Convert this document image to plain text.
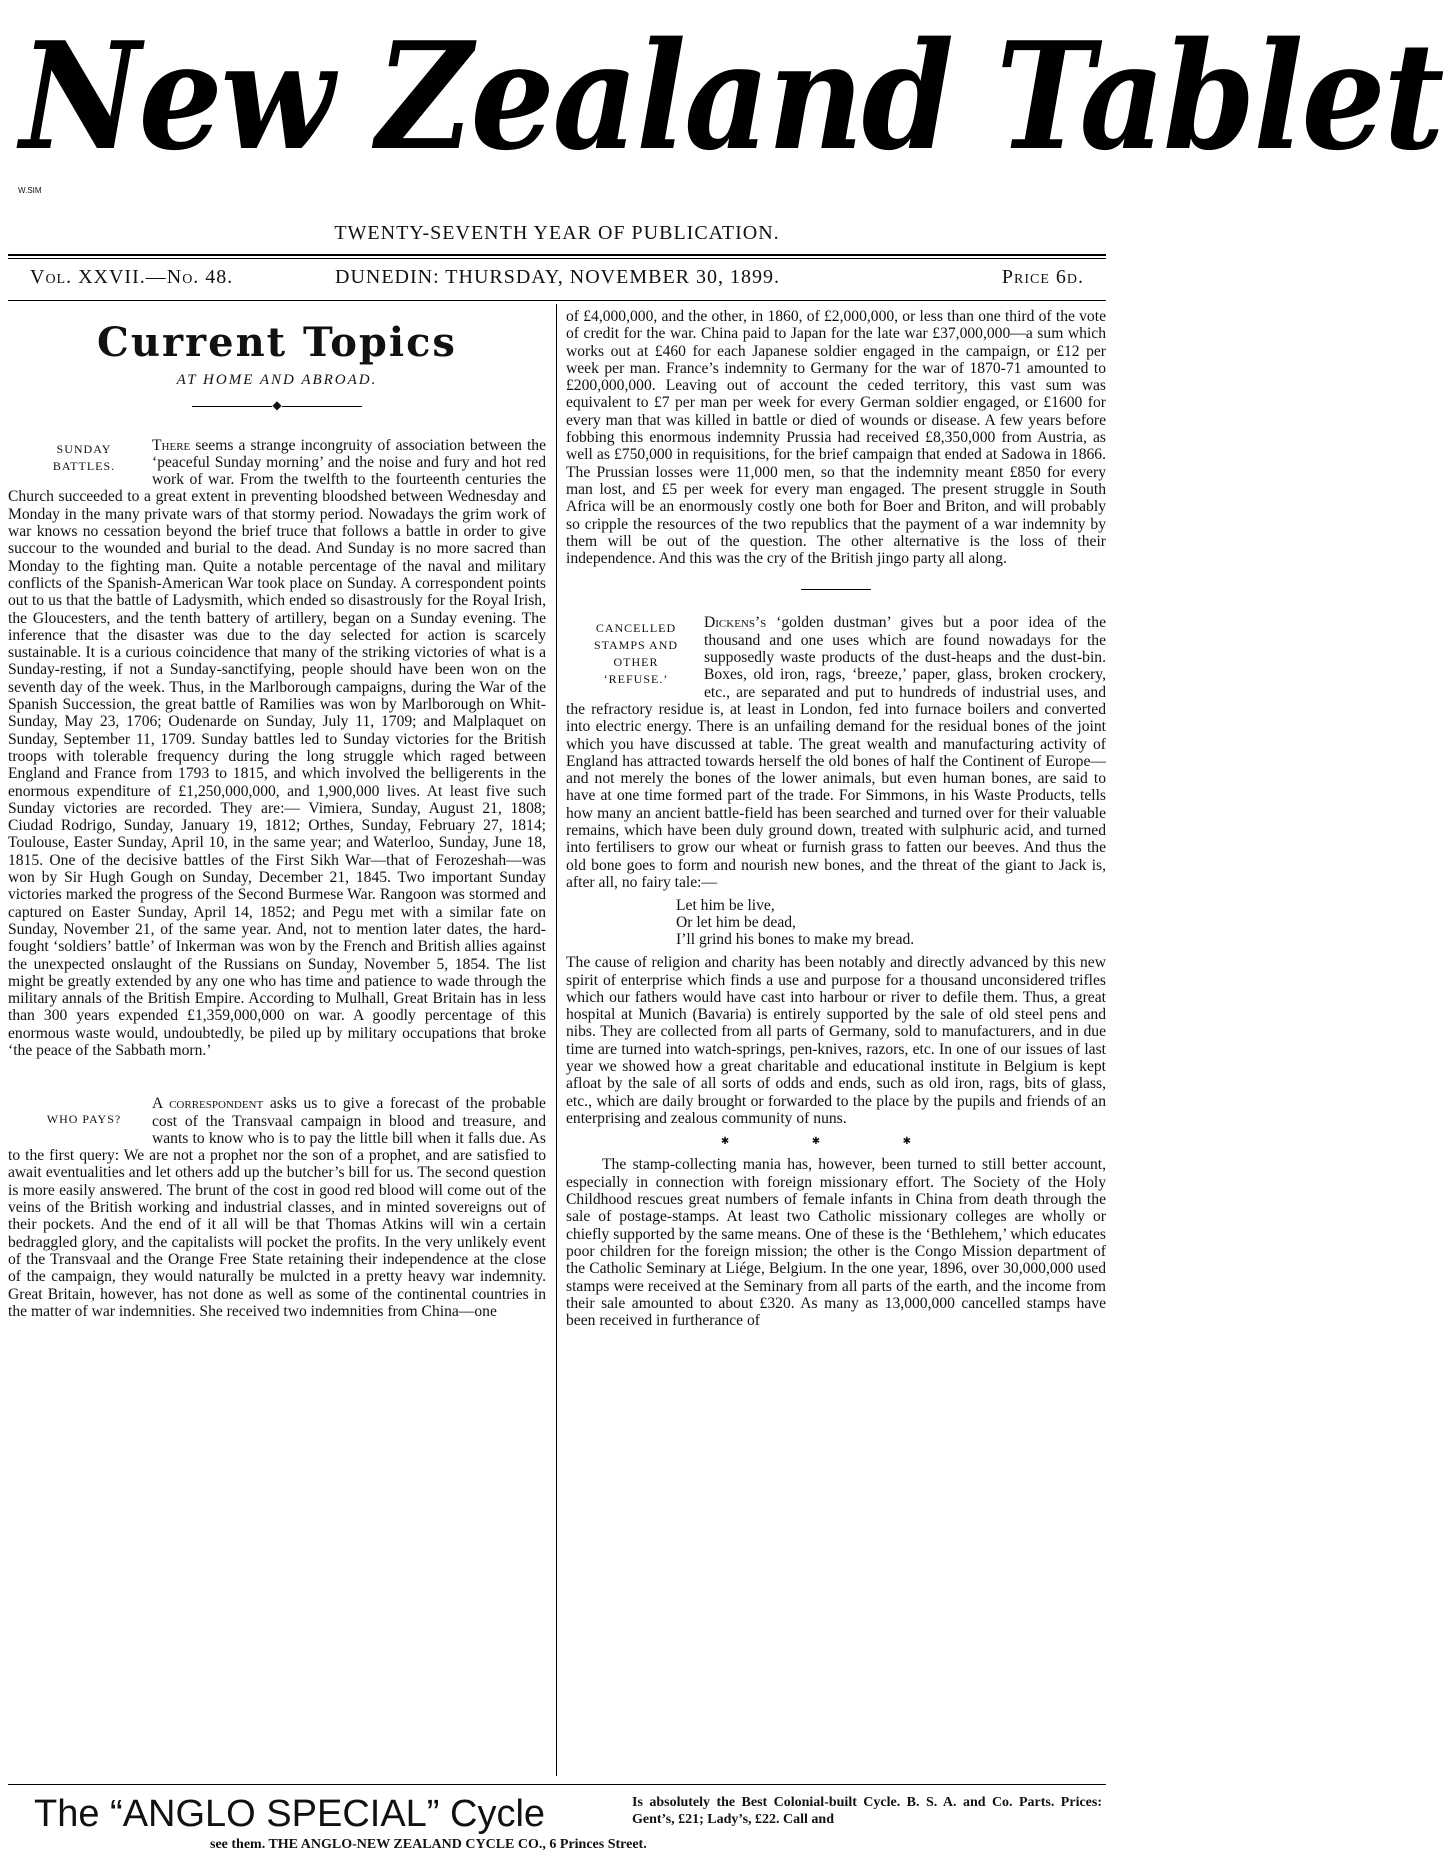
New Zealand Tablet
W.SIM
TWENTY-SEVENTH YEAR OF PUBLICATION.
Vol. XXVII.—No. 48.	DUNEDIN: THURSDAY, NOVEMBER 30, 1899.	Price 6d.
Current Topics
AT HOME AND ABROAD.
◆
SUNDAY BATTLES.

There seems a strange incongruity of association between the ‘peaceful Sunday morning’ and the noise and fury and hot red work of war. From the twelfth to the fourteenth centuries the Church succeeded to a great extent in preventing bloodshed between Wednesday and Monday in the many private wars of that stormy period. Nowadays the grim work of war knows no cessation beyond the brief truce that follows a battle in order to give succour to the wounded and burial to the dead. And Sunday is no more sacred than Monday to the fighting man. Quite a notable percentage of the naval and military conflicts of the Spanish-American War took place on Sunday. A correspondent points out to us that the battle of Ladysmith, which ended so disastrously for the Royal Irish, the Gloucesters, and the tenth battery of artillery, began on a Sunday evening. The inference that the disaster was due to the day selected for action is scarcely sustainable. It is a curious coincidence that many of the striking victories of what is a Sunday-resting, if not a Sunday-sanctifying, people should have been won on the seventh day of the week. Thus, in the Marlborough campaigns, during the War of the Spanish Succession, the great battle of Ramilies was won by Marlborough on Whit-Sunday, May 23, 1706; Oudenarde on Sunday, July 11, 1709; and Malplaquet on Sunday, September 11, 1709. Sunday battles led to Sunday victories for the British troops with tolerable frequency during the long struggle which raged between England and France from 1793 to 1815, and which involved the belligerents in the enormous expenditure of £1,250,000,000, and 1,900,000 lives. At least five such Sunday victories are recorded. They are:— Vimiera, Sunday, August 21, 1808; Ciudad Rodrigo, Sunday, January 19, 1812; Orthes, Sunday, February 27, 1814; Toulouse, Easter Sunday, April 10, in the same year; and Waterloo, Sunday, June 18, 1815. One of the decisive battles of the First Sikh War—that of Ferozeshah—was won by Sir Hugh Gough on Sunday, December 21, 1845. Two important Sunday victories marked the progress of the Second Burmese War. Rangoon was stormed and captured on Easter Sunday, April 14, 1852; and Pegu met with a similar fate on Sunday, November 21, of the same year. And, not to mention later dates, the hard-fought ‘soldiers’ battle’ of Inkerman was won by the French and British allies against the unexpected onslaught of the Russians on Sunday, November 5, 1854. The list might be greatly extended by any one who has time and patience to wade through the military annals of the British Empire. According to Mulhall, Great Britain has in less than 300 years expended £1,359,000,000 on war. A goodly percentage of this enormous waste would, undoubtedly, be piled up by military occupations that broke ‘the peace of the Sabbath morn.’

WHO PAYS?

A correspondent asks us to give a forecast of the probable cost of the Transvaal campaign in blood and treasure, and wants to know who is to pay the little bill when it falls due. As to the first query: We are not a prophet nor the son of a prophet, and are satisfied to await eventualities and let others add up the butcher’s bill for us. The second question is more easily answered. The brunt of the cost in good red blood will come out of the veins of the British working and industrial classes, and in minted sovereigns out of their pockets. And the end of it all will be that Thomas Atkins will win a certain bedraggled glory, and the capitalists will pocket the profits. In the very unlikely event of the Transvaal and the Orange Free State retaining their independence at the close of the campaign, they would naturally be mulcted in a pretty heavy war indemnity. Great Britain, however, has not done as well as some of the continental countries in the matter of war indemnities. She received two indemnities from China—one

of £4,000,000, and the other, in 1860, of £2,000,000, or less than one third of the vote of credit for the war. China paid to Japan for the late war £37,000,000—a sum which works out at £460 for each Japanese soldier engaged in the campaign, or £12 per week per man. France’s indemnity to Germany for the war of 1870-71 amounted to £200,000,000. Leaving out of account the ceded territory, this vast sum was equivalent to £7 per man per week for every German soldier engaged, or £1600 for every man that was killed in battle or died of wounds or disease. A few years before fobbing this enormous indemnity Prussia had received £8,350,000 from Austria, as well as £750,000 in requisitions, for the brief campaign that ended at Sadowa in 1866. The Prussian losses were 11,000 men, so that the indemnity meant £850 for every man lost, and £5 per week for every man engaged. The present struggle in South Africa will be an enormously costly one both for Boer and Briton, and will probably so cripple the resources of the two republics that the payment of a war indemnity by them will be out of the question. The other alternative is the loss of their independence. And this was the cry of the British jingo party all along.

CANCELLED STAMPS AND OTHER ‘REFUSE.’

Dickens’s ‘golden dustman’ gives but a poor idea of the thousand and one uses which are found nowadays for the supposedly waste products of the dust-heaps and the dust-bin. Boxes, old iron, rags, ‘breeze,’ paper, glass, broken crockery, etc., are separated and put to hundreds of industrial uses, and the refractory residue is, at least in London, fed into furnace boilers and converted into electric energy. There is an unfailing demand for the residual bones of the joint which you have discussed at table. The great wealth and manufacturing activity of England has attracted towards herself the old bones of half the Continent of Europe—and not merely the bones of the lower animals, but even human bones, are said to have at one time formed part of the trade. For Simmons, in his Waste Products, tells how many an ancient battle-field has been searched and turned over for their valuable remains, which have been duly ground down, treated with sulphuric acid, and turned into fertilisers to grow our wheat or furnish grass to fatten our beeves. And thus the old bone goes to form and nourish new bones, and the threat of the giant to Jack is, after all, no fairy tale:—

Let him be live,
Or let him be dead,
I’ll grind his bones to make my bread.

The cause of religion and charity has been notably and directly advanced by this new spirit of enterprise which finds a use and purpose for a thousand unconsidered trifles which our fathers would have cast into harbour or river to defile them. Thus, a great hospital at Munich (Bavaria) is entirely supported by the sale of old steel pens and nibs. They are collected from all parts of Germany, sold to manufacturers, and in due time are turned into watch-springs, pen-knives, razors, etc. In one of our issues of last year we showed how a great charitable and educational institute in Belgium is kept afloat by the sale of all sorts of odds and ends, such as old iron, rags, bits of glass, etc., which are daily brought or forwarded to the place by the pupils and friends of an enterprising and zealous community of nuns.

✱ ✱ ✱

The stamp-collecting mania has, however, been turned to still better account, especially in connection with foreign missionary effort. The Society of the Holy Childhood rescues great numbers of female infants in China from death through the sale of postage-stamps. At least two Catholic missionary colleges are wholly or chiefly supported by the same means. One of these is the ‘Bethlehem,’ which educates poor children for the foreign mission; the other is the Congo Mission department of the Catholic Seminary at Liége, Belgium. In the one year, 1896, over 30,000,000 used stamps were received at the Seminary from all parts of the earth, and the income from their sale amounted to about £320. As many as 13,000,000 cancelled stamps have been received in furtherance of

The “ANGLO SPECIAL” Cycle	Is absolutely the Best Colonial-built Cycle. B. S. A. and Co. Parts. Prices: Gent’s, £21; Lady’s, £22. Call and
see them. THE ANGLO-NEW ZEALAND CYCLE CO., 6 Princes Street.
